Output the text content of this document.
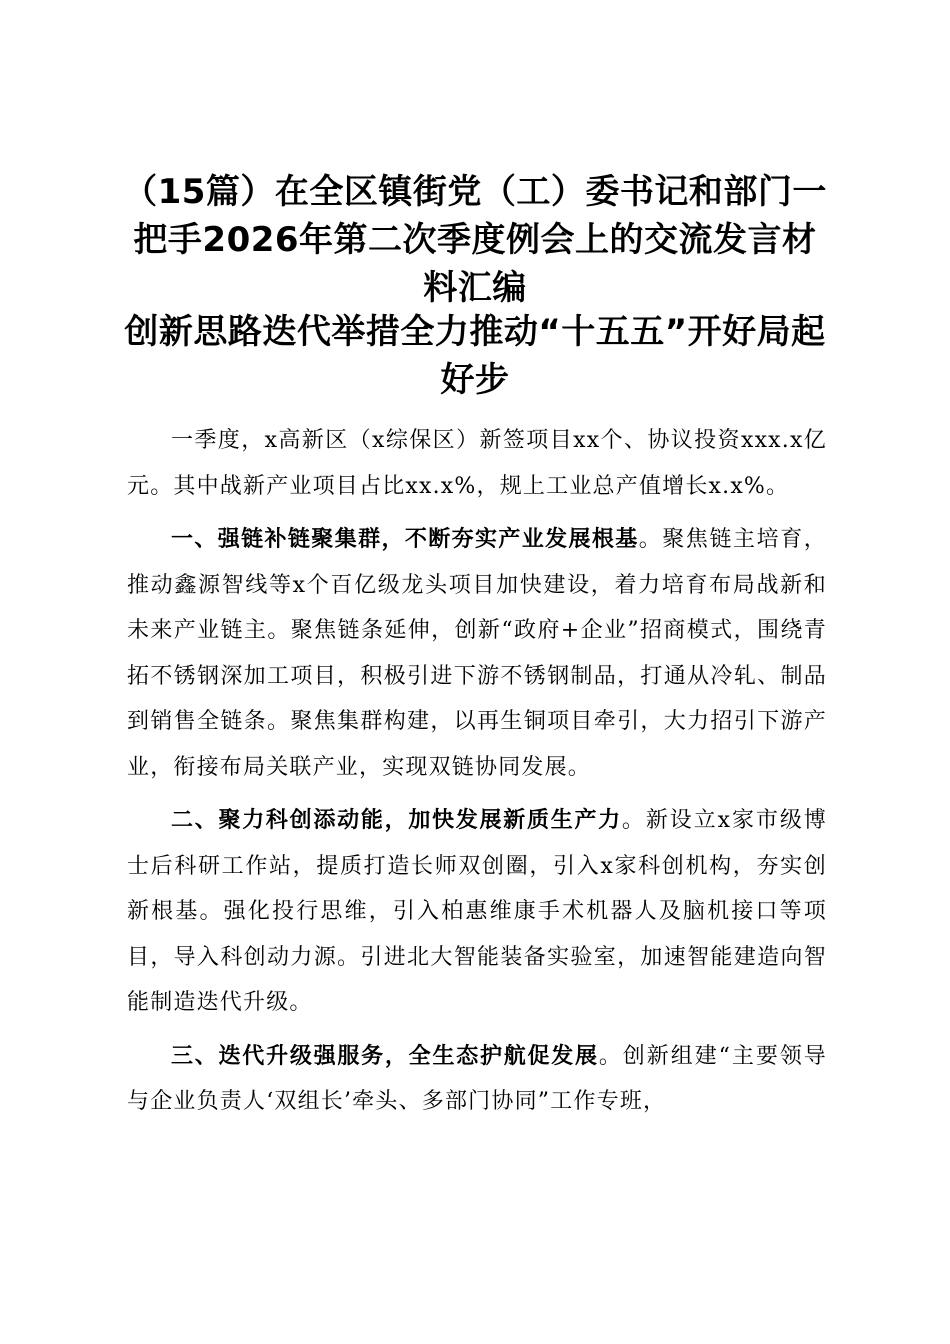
（15篇）在全区镇街党（工）委书记和部门一把手2026年第二次季度例会上的交流发言材料汇编
创新思路迭代举措全力推动“十五五”开好局起好步

一季度，x高新区（x综保区）新签项目xx个、协议投资xxx.x亿元。其中战新产业项目占比xx.x%，规上工业总产值增长x.x%。

一、强链补链聚集群，不断夯实产业发展根基。聚焦链主培育，推动鑫源智线等x个百亿级龙头项目加快建设，着力培育布局战新和未来产业链主。聚焦链条延伸，创新“政府+企业”招商模式，围绕青拓不锈钢深加工项目，积极引进下游不锈钢制品，打通从冷轧、制品到销售全链条。聚焦集群构建，以再生铜项目牵引，大力招引下游产业，衔接布局关联产业，实现双链协同发展。

二、聚力科创添动能，加快发展新质生产力。新设立x家市级博士后科研工作站，提质打造长师双创圈，引入x家科创机构，夯实创新根基。强化投行思维，引入柏惠维康手术机器人及脑机接口等项目，导入科创动力源。引进北大智能装备实验室，加速智能建造向智能制造迭代升级。

三、迭代升级强服务，全生态护航促发展。创新组建“主要领导与企业负责人‘双组长’牵头、多部门协同”工作专班，
